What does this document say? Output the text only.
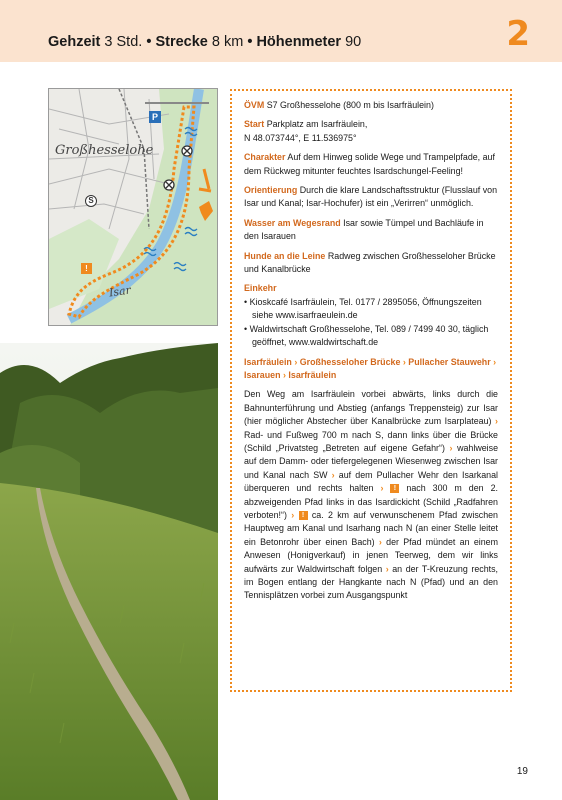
Gehzeit 3 Std. • Strecke 8 km • Höhenmeter 90	2
P
S
!
Großhesselohe
Isar
ÖVM S7 Großhesselohe (800 m bis Isarfräulein)
Start Parkplatz am Isarfräulein,
N 48.073744°, E 11.536975°
Charakter Auf dem Hinweg solide Wege und Trampelpfade, auf dem Rückweg mitunter feuchtes Isardschungel-Feeling!
Orientierung Durch die klare Landschaftsstruktur (Flusslauf von Isar und Kanal; Isar-Hochufer) ist ein „Verirren“ unmöglich.
Wasser am Wegesrand Isar sowie Tümpel und Bachläufe in den Isarauen
Hunde an die Leine Radweg zwischen Großhesseloher Brücke und Kanalbrücke
Einkehr
• Kioskcafé Isarfräulein, Tel. 0177 / 2895056, Öffnungszeiten siehe www.isarfraeulein.de
• Waldwirtschaft Großhesselohe, Tel. 089 / 7499 40 30, täglich geöffnet, www.waldwirtschaft.de
Isarfräulein › Großhesseloher Brücke › Pullacher Stauwehr › Isarauen › Isarfräulein
Den Weg am Isarfräulein vorbei abwärts, links durch die Bahnunterführung und Abstieg (anfangs Treppensteig) zur Isar (hier möglicher Abstecher über Kanalbrücke zum Isarplateau) › Rad- und Fußweg 700 m nach S, dann links über die Brücke (Schild „Privatsteg „Betreten auf eigene Gefahr“) › wahlweise auf dem Damm- oder tiefergelegenen Wiesenweg zwischen Isar und Kanal nach SW › auf dem Pullacher Wehr den Isarkanal überqueren und rechts halten › ! nach 300 m den 2. abzweigenden Pfad links in das Isardickicht (Schild „Radfahren verboten!“) › ! ca. 2 km auf verwunschenem Pfad zwischen Hauptweg am Kanal und Isarhang nach N (an einer Stelle leitet ein Betonrohr über einen Bach) › der Pfad mündet an einem Anwesen (Honigverkauf) in jenen Teerweg, dem wir links aufwärts zur Waldwirtschaft folgen › an der T-Kreuzung rechts, im Bogen entlang der Hangkante nach N (Pfad) und an den Tennisplätzen vorbei zum Ausgangspunkt
19
